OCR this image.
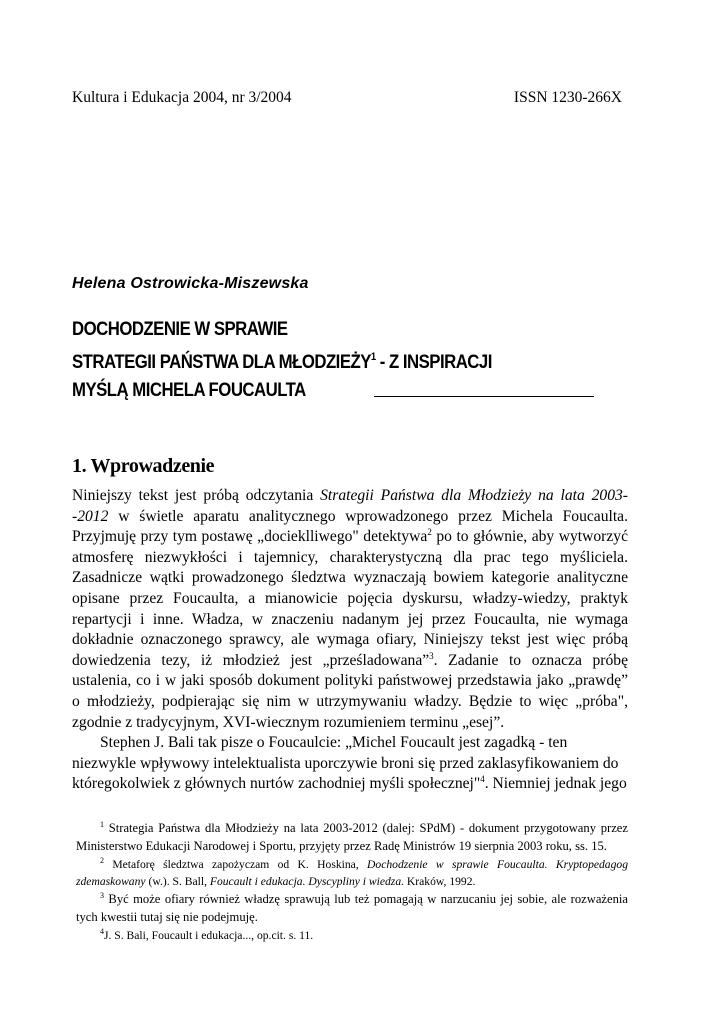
Kultura i Edukacja 2004, nr 3/2004	ISSN 1230-266X
Helena Ostrowicka-Miszewska
DOCHODZENIE W SPRAWIE
STRATEGII PAŃSTWA DLA MŁODZIEŻY$^1$ - Z INSPIRACJI
MYŚLĄ MICHELA FOUCAULTA
1. Wprowadzenie

Niniejszy tekst jest próbą odczytania Strategii Państwa dla Młodzieży na lata 2003--2012 w świetle aparatu analitycznego wprowadzonego przez Michela Foucaulta. Przyjmuję przy tym postawę „docieklliwego" detektywa$^2$ po to głównie, aby wytworzyć atmosferę niezwykłości i tajemnicy, charakterystyczną dla prac tego myśliciela. Zasadnicze wątki prowadzonego śledztwa wyznaczają bowiem kategorie analityczne opisane przez Foucaulta, a mianowicie pojęcia dyskursu, władzy-wiedzy, praktyk repartycji i inne. Władza, w znaczeniu nadanym jej przez Foucaulta, nie wymaga dokładnie oznaczonego sprawcy, ale wymaga ofiary, Niniejszy tekst jest więc próbą dowiedzenia tezy, iż młodzież jest „prześladowana”$^3$. Zadanie to oznacza próbę ustalenia, co i w jaki sposób dokument polityki państwowej przedstawia jako „prawdę” o młodzieży, podpierając się nim w utrzymywaniu władzy. Będzie to więc „próba", zgodnie z tradycyjnym, XVI-wiecznym rozumieniem terminu „esej”.

Stephen J. Bali tak pisze o Foucaulcie: „Michel Foucault jest zagadką - ten niezwykle wpływowy intelektualista uporczywie broni się przed zaklasyfikowaniem do któregokolwiek z głównych nurtów zachodniej myśli społecznej"$^4$. Niemniej jednak jego

$^1$ Strategia Państwa dla Młodzieży na lata 2003-2012 (dalej: SPdM) - dokument przygotowany przez Ministerstwo Edukacji Narodowej i Sportu, przyjęty przez Radę Ministrów 19 sierpnia 2003 roku, ss. 15.

$^2$ Metaforę śledztwa zapożyczam od K. Hoskina, Dochodzenie w sprawie Foucaulta. Kryptopedagog zdemaskowany (w.). S. Ball, Foucault i edukacja. Dyscypliny i wiedza. Kraków, 1992.

$^3$ Być może ofiary również władzę sprawują lub też pomagają w narzucaniu jej sobie, ale rozważenia tych kwestii tutaj się nie podejmuję.

$^4$J. S. Bali, Foucault i edukacja..., op.cit. s. 11.
